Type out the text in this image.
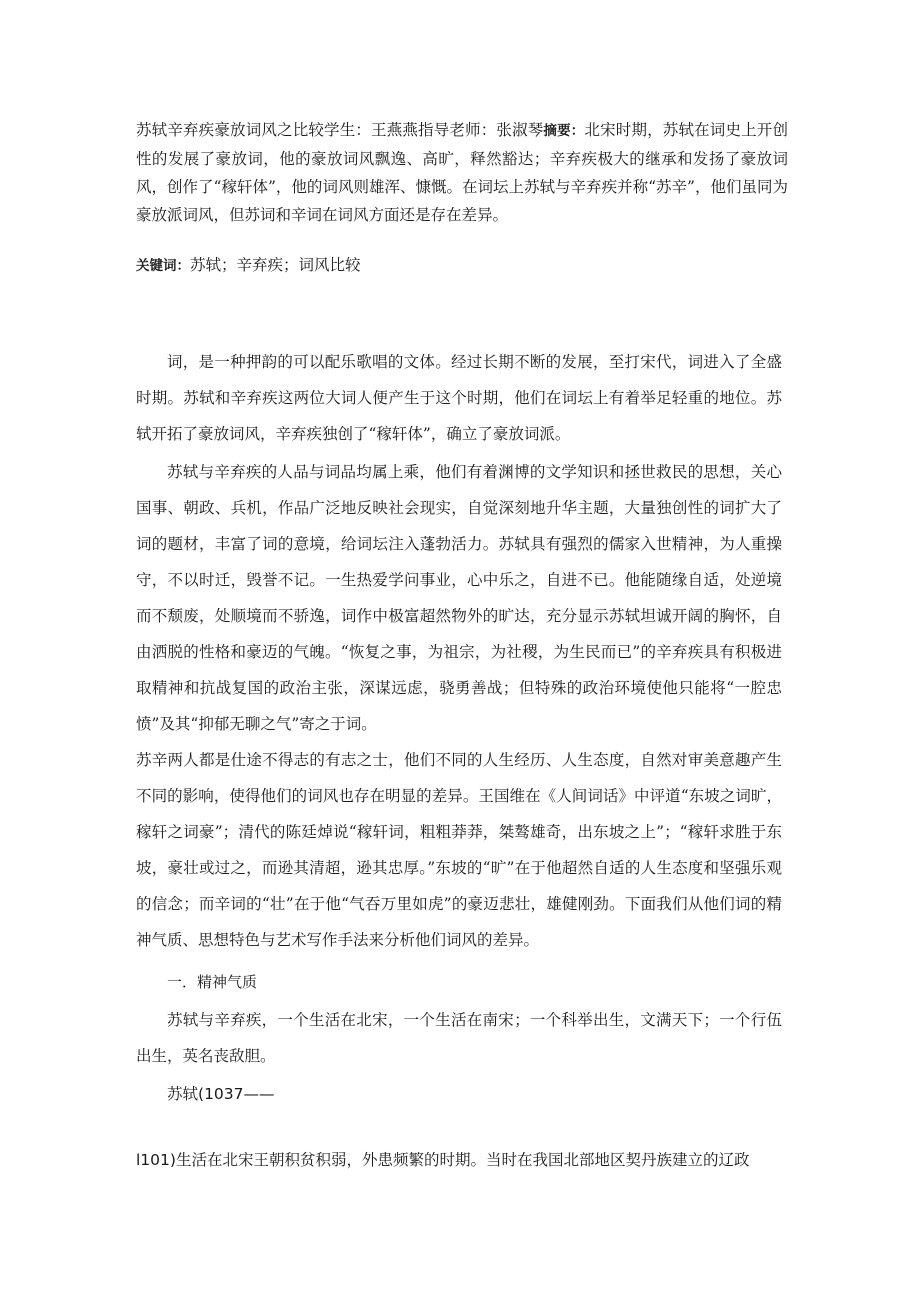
苏轼辛弃疾豪放词风之比较学生：王燕燕指导老师：张淑琴摘要：北宋时期，苏轼在词史上开创性的发展了豪放词，他的豪放词风飘逸、高旷，释然豁达；辛弃疾极大的继承和发扬了豪放词风，创作了“稼轩体”，他的词风则雄浑、慷慨。在词坛上苏轼与辛弃疾并称“苏辛”，他们虽同为豪放派词风，但苏词和辛词在词风方面还是存在差异。
关键词：苏轼；辛弃疾；词风比较

词，是一种押韵的可以配乐歌唱的文体。经过长期不断的发展，至打宋代，词进入了全盛时期。苏轼和辛弃疾这两位大词人便产生于这个时期，他们在词坛上有着举足轻重的地位。苏轼开拓了豪放词风，辛弃疾独创了“稼轩体”，确立了豪放词派。

苏轼与辛弃疾的人品与词品均属上乘，他们有着渊博的文学知识和拯世救民的思想，关心国事、朝政、兵机，作品广泛地反映社会现实，自觉深刻地升华主题，大量独创性的词扩大了词的题材，丰富了词的意境，给词坛注入蓬勃活力。苏轼具有强烈的儒家入世精神，为人重操守，不以时迁，毁誉不记。一生热爱学问事业，心中乐之，自进不已。他能随缘自适，处逆境而不颓废，处顺境而不骄逸，词作中极富超然物外的旷达，充分显示苏轼坦诚开阔的胸怀，自由洒脱的性格和豪迈的气魄。“恢复之事，为祖宗，为社稷，为生民而已”的辛弃疾具有积极进取精神和抗战复国的政治主张，深谋远虑，骁勇善战；但特殊的政治环境使他只能将“一腔忠愤”及其“抑郁无聊之气”寄之于词。

苏辛两人都是仕途不得志的有志之士，他们不同的人生经历、人生态度，自然对审美意趣产生不同的影响，使得他们的词风也存在明显的差异。王国维在《人间词话》中评道“东坡之词旷，稼轩之词豪”；清代的陈廷焯说“稼轩词，粗粗莽莽，桀骜雄奇，出东坡之上”；“稼轩求胜于东坡，豪壮或过之，而逊其清超，逊其忠厚。”东坡的“旷”在于他超然自适的人生态度和坚强乐观的信念；而辛词的“壮”在于他“气吞万里如虎”的豪迈悲壮，雄健刚劲。下面我们从他们词的精神气质、思想特色与艺术写作手法来分析他们词风的差异。

一．精神气质

苏轼与辛弃疾，一个生活在北宋，一个生活在南宋；一个科举出生，文满天下；一个行伍出生，英名丧敌胆。

苏轼(1037——

l101)生活在北宋王朝积贫积弱，外患频繁的时期。当时在我国北部地区契丹族建立的辽政
